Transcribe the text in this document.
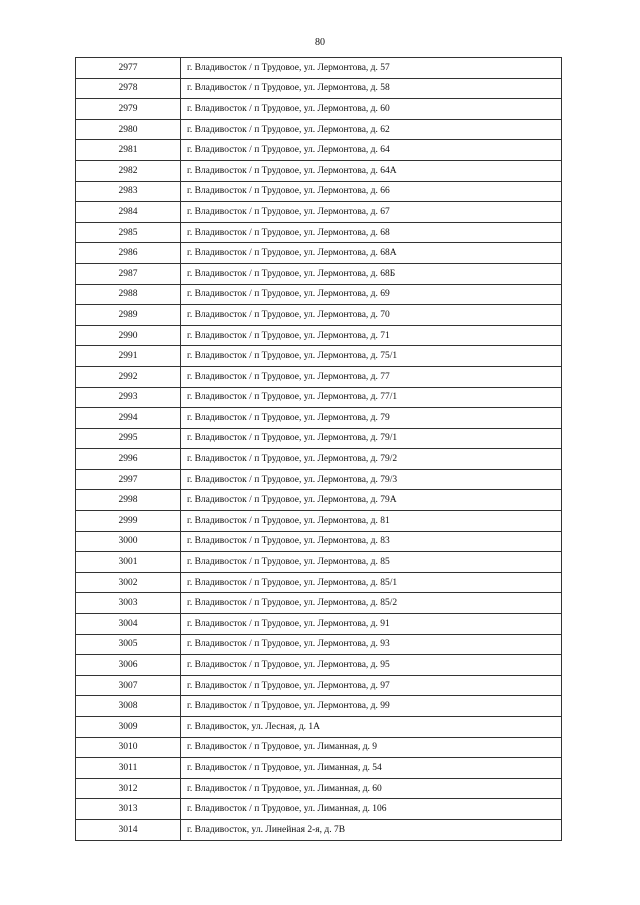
80
2977	г. Владивосток / п Трудовое, ул. Лермонтова, д. 57
2978	г. Владивосток / п Трудовое, ул. Лермонтова, д. 58
2979	г. Владивосток / п Трудовое, ул. Лермонтова, д. 60
2980	г. Владивосток / п Трудовое, ул. Лермонтова, д. 62
2981	г. Владивосток / п Трудовое, ул. Лермонтова, д. 64
2982	г. Владивосток / п Трудовое, ул. Лермонтова, д. 64А
2983	г. Владивосток / п Трудовое, ул. Лермонтова, д. 66
2984	г. Владивосток / п Трудовое, ул. Лермонтова, д. 67
2985	г. Владивосток / п Трудовое, ул. Лермонтова, д. 68
2986	г. Владивосток / п Трудовое, ул. Лермонтова, д. 68А
2987	г. Владивосток / п Трудовое, ул. Лермонтова, д. 68Б
2988	г. Владивосток / п Трудовое, ул. Лермонтова, д. 69
2989	г. Владивосток / п Трудовое, ул. Лермонтова, д. 70
2990	г. Владивосток / п Трудовое, ул. Лермонтова, д. 71
2991	г. Владивосток / п Трудовое, ул. Лермонтова, д. 75/1
2992	г. Владивосток / п Трудовое, ул. Лермонтова, д. 77
2993	г. Владивосток / п Трудовое, ул. Лермонтова, д. 77/1
2994	г. Владивосток / п Трудовое, ул. Лермонтова, д. 79
2995	г. Владивосток / п Трудовое, ул. Лермонтова, д. 79/1
2996	г. Владивосток / п Трудовое, ул. Лермонтова, д. 79/2
2997	г. Владивосток / п Трудовое, ул. Лермонтова, д. 79/3
2998	г. Владивосток / п Трудовое, ул. Лермонтова, д. 79А
2999	г. Владивосток / п Трудовое, ул. Лермонтова, д. 81
3000	г. Владивосток / п Трудовое, ул. Лермонтова, д. 83
3001	г. Владивосток / п Трудовое, ул. Лермонтова, д. 85
3002	г. Владивосток / п Трудовое, ул. Лермонтова, д. 85/1
3003	г. Владивосток / п Трудовое, ул. Лермонтова, д. 85/2
3004	г. Владивосток / п Трудовое, ул. Лермонтова, д. 91
3005	г. Владивосток / п Трудовое, ул. Лермонтова, д. 93
3006	г. Владивосток / п Трудовое, ул. Лермонтова, д. 95
3007	г. Владивосток / п Трудовое, ул. Лермонтова, д. 97
3008	г. Владивосток / п Трудовое, ул. Лермонтова, д. 99
3009	г. Владивосток, ул. Лесная, д. 1А
3010	г. Владивосток / п Трудовое, ул. Лиманная, д. 9
3011	г. Владивосток / п Трудовое, ул. Лиманная, д. 54
3012	г. Владивосток / п Трудовое, ул. Лиманная, д. 60
3013	г. Владивосток / п Трудовое, ул. Лиманная, д. 106
3014	г. Владивосток, ул. Линейная 2-я, д. 7В
